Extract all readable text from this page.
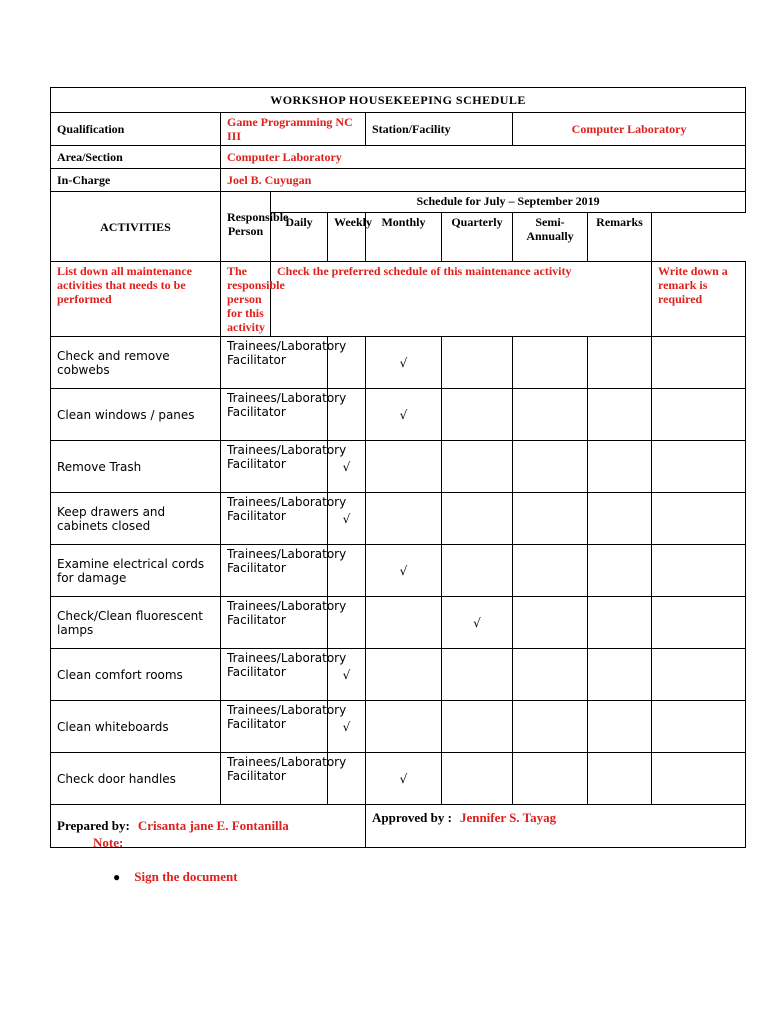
WORKSHOP HOUSEKEEPING SCHEDULE								
Qualification	Game Programming NC III			Station/Facility		Computer Laboratory		
Area/Section	Computer Laboratory							
In-Charge	Joel B. Cuyugan							
ACTIVITIES	Responsible Person	Schedule for July – September 2019						
		Daily	Weekly	Monthly	Quarterly	Semi-Annually	Remarks	
List down all maintenance activities that needs to be performed	The responsible person for this activity	Check the preferred schedule of this maintenance activity						Write down a remark is required
Check and remove cobwebs	Trainees/Laboratory Facilitator			√				
Clean windows / panes	Trainees/Laboratory Facilitator			√				
Remove Trash	Trainees/Laboratory Facilitator		√					
Keep drawers and cabinets closed	Trainees/Laboratory Facilitator		√					
Examine electrical cords for damage	Trainees/Laboratory Facilitator			√				
Check/Clean fluorescent lamps	Trainees/Laboratory Facilitator				√			
Clean comfort rooms	Trainees/Laboratory Facilitator		√					
Clean whiteboards	Trainees/Laboratory Facilitator		√					
Check door handles	Trainees/Laboratory Facilitator			√				
Prepared by: Crisanta jane E. Fontanilla				Approved by : Jennifer S. Tayag				
Note:
● Sign the document
